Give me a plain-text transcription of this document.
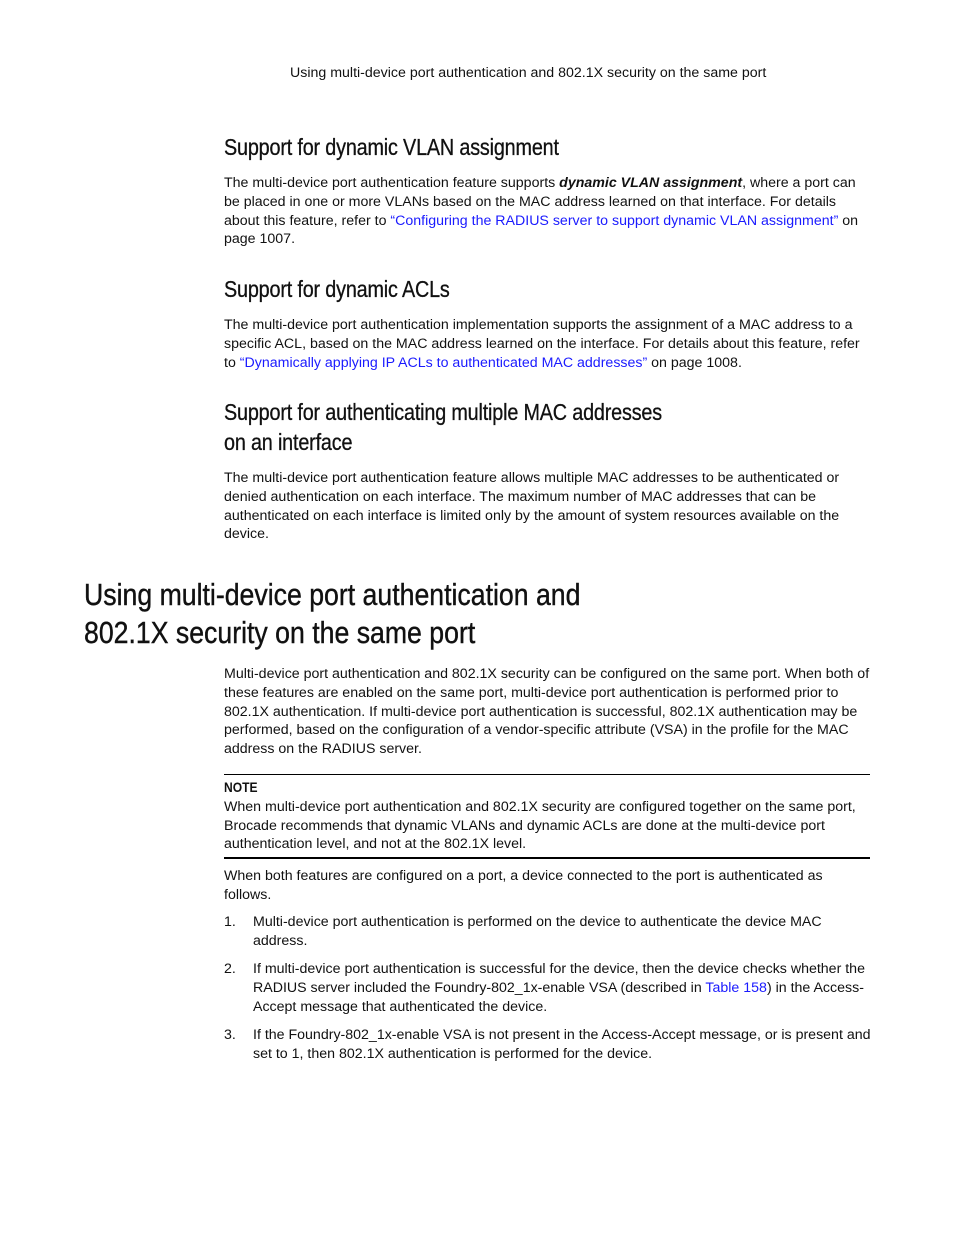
Using multi-device port authentication and 802.1X security on the same port
Support for dynamic VLAN assignment

The multi-device port authentication feature supports dynamic VLAN assignment, where a port can be placed in one or more VLANs based on the MAC address learned on that interface. For details about this feature, refer to “Configuring the RADIUS server to support dynamic VLAN assignment” on page 1007.

Support for dynamic ACLs

The multi-device port authentication implementation supports the assignment of a MAC address to a specific ACL, based on the MAC address learned on the interface. For details about this feature, refer to “Dynamically applying IP ACLs to authenticated MAC addresses” on page 1008.

Support for authenticating multiple MAC addresses
on an interface

The multi-device port authentication feature allows multiple MAC addresses to be authenticated or denied authentication on each interface. The maximum number of MAC addresses that can be authenticated on each interface is limited only by the amount of system resources available on the device.

Using multi-device port authentication and
802.1X security on the same port

Multi-device port authentication and 802.1X security can be configured on the same port. When both of these features are enabled on the same port, multi-device port authentication is performed prior to 802.1X authentication. If multi-device port authentication is successful, 802.1X authentication may be performed, based on the configuration of a vendor-specific attribute (VSA) in the profile for the MAC address on the RADIUS server.

NOTE
When multi-device port authentication and 802.1X security are configured together on the same port, Brocade recommends that dynamic VLANs and dynamic ACLs are done at the multi-device port authentication level, and not at the 802.1X level.

When both features are configured on a port, a device connected to the port is authenticated as follows.

1. Multi-device port authentication is performed on the device to authenticate the device MAC address.
2. If multi-device port authentication is successful for the device, then the device checks whether the RADIUS server included the Foundry-802_1x-enable VSA (described in Table 158) in the Access-Accept message that authenticated the device.
3. If the Foundry-802_1x-enable VSA is not present in the Access-Accept message, or is present and set to 1, then 802.1X authentication is performed for the device.
